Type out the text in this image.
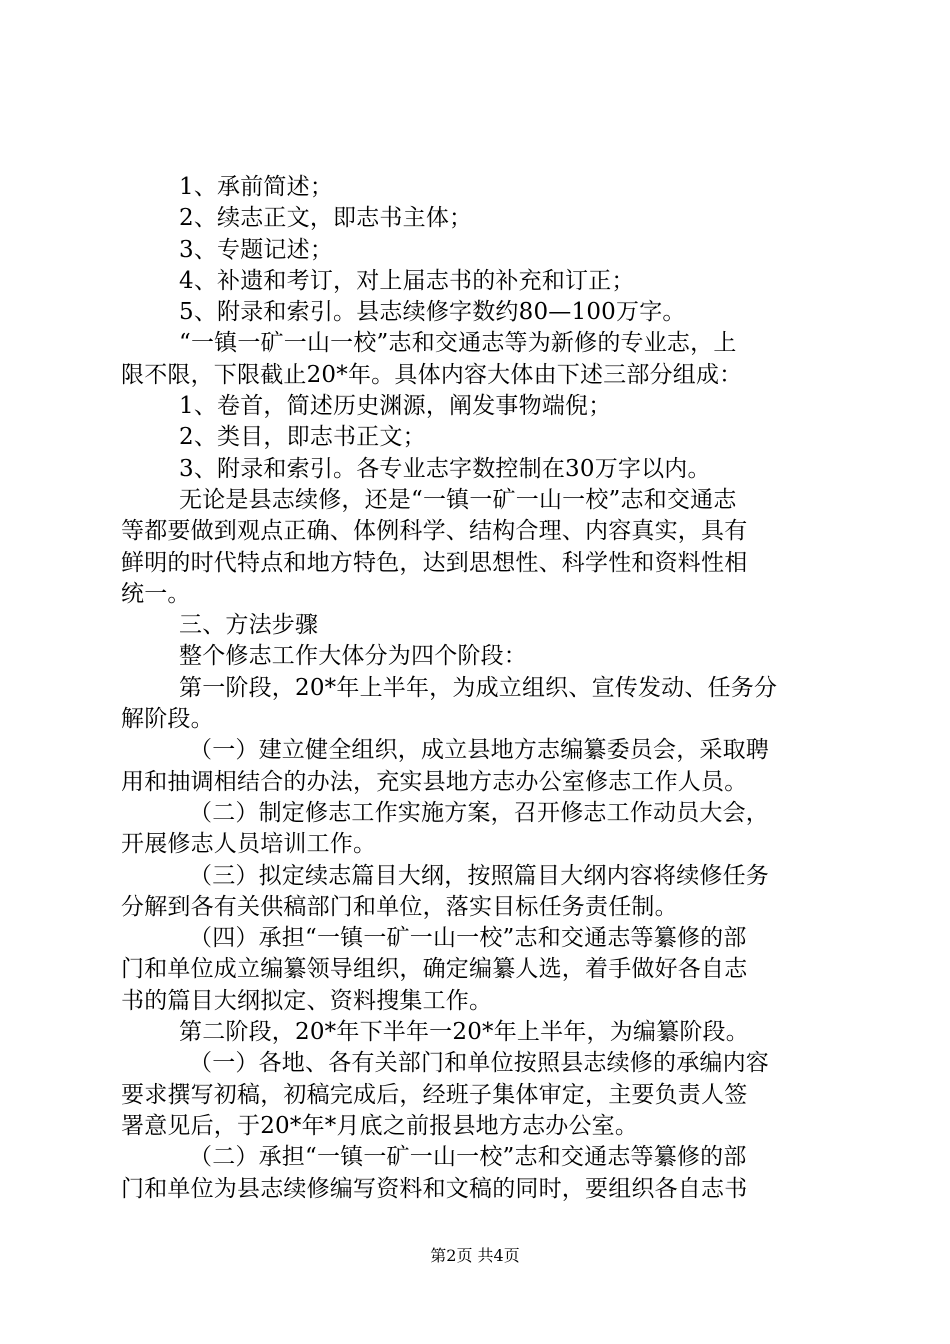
1、承前简述；
2、续志正文，即志书主体；
3、专题记述；
4、补遗和考订，对上届志书的补充和订正；
5、附录和索引。县志续修字数约80—100万字。
“一镇一矿一山一校”志和交通志等为新修的专业志，上
限不限，下限截止20*年。具体内容大体由下述三部分组成：
1、卷首，简述历史渊源，阐发事物端倪；
2、类目，即志书正文；
3、附录和索引。各专业志字数控制在30万字以内。
无论是县志续修，还是“一镇一矿一山一校”志和交通志
等都要做到观点正确、体例科学、结构合理、内容真实，具有
鲜明的时代特点和地方特色，达到思想性、科学性和资料性相
统一。
三、方法步骤
整个修志工作大体分为四个阶段：
第一阶段，20*年上半年，为成立组织、宣传发动、任务分
解阶段。
（一）建立健全组织，成立县地方志编纂委员会，采取聘
用和抽调相结合的办法，充实县地方志办公室修志工作人员。
（二）制定修志工作实施方案，召开修志工作动员大会，
开展修志人员培训工作。
（三）拟定续志篇目大纲，按照篇目大纲内容将续修任务
分解到各有关供稿部门和单位，落实目标任务责任制。
（四）承担“一镇一矿一山一校”志和交通志等纂修的部
门和单位成立编纂领导组织，确定编纂人选，着手做好各自志
书的篇目大纲拟定、资料搜集工作。
第二阶段，20*年下半年一20*年上半年，为编纂阶段。
（一）各地、各有关部门和单位按照县志续修的承编内容
要求撰写初稿，初稿完成后，经班子集体审定，主要负责人签
署意见后，于20*年*月底之前报县地方志办公室。
（二）承担“一镇一矿一山一校”志和交通志等纂修的部
门和单位为县志续修编写资料和文稿的同时，要组织各自志书
第2页 共4页
